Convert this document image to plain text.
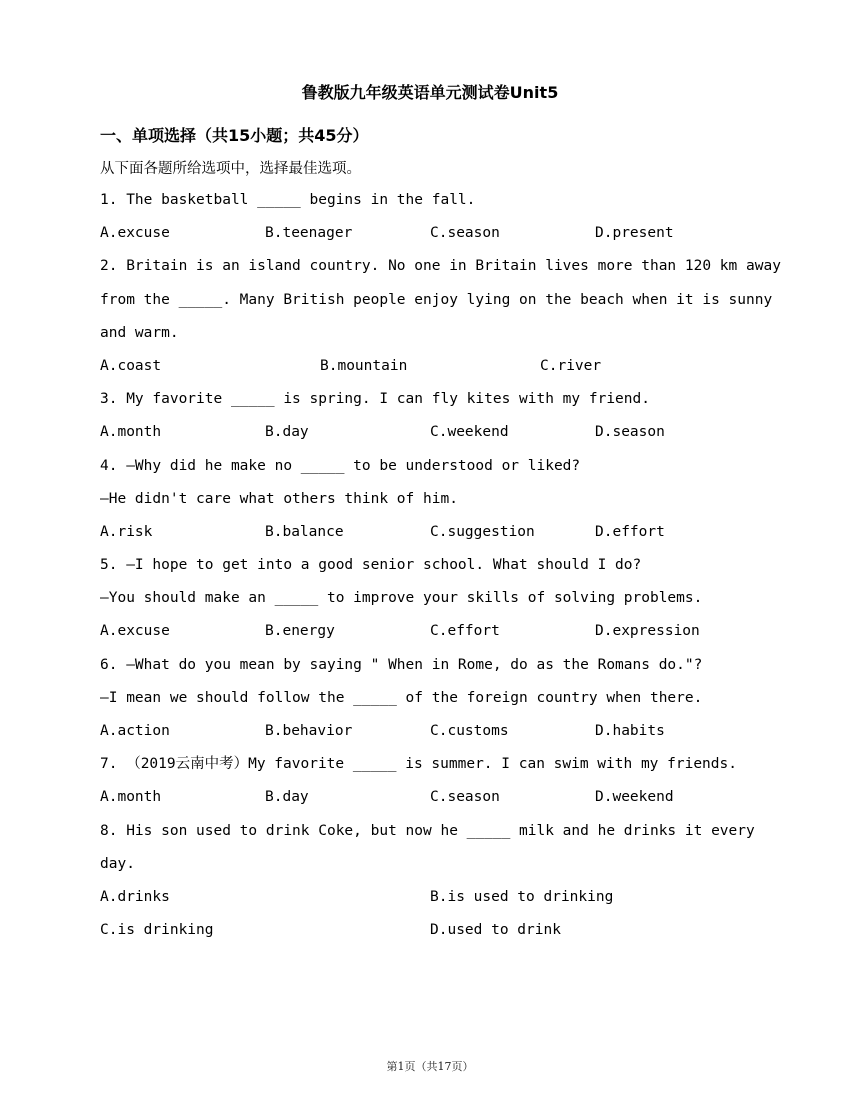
鲁教版九年级英语单元测试卷Unit5
一、单项选择（共15小题；共45分）
从下面各题所给选项中，选择最佳选项。
1. The basketball _____ begins in the fall.
A.excuse	B.teenager	C.season	D.present
2. Britain is an island country. No one in Britain lives more than 120 km away
from the _____. Many British people enjoy lying on the beach when it is sunny
and warm.
A.coast	B.mountain	C.river
3. My favorite _____ is spring. I can fly kites with my friend.
A.month	B.day	C.weekend	D.season
4. —Why did he make no _____ to be understood or liked?
—He didn't care what others think of him.
A.risk	B.balance	C.suggestion	D.effort
5. —I hope to get into a good senior school. What should I do?
—You should make an _____ to improve your skills of solving problems.
A.excuse	B.energy	C.effort	D.expression
6. —What do you mean by saying " When in Rome, do as the Romans do."?
—I mean we should follow the _____ of the foreign country when there.
A.action	B.behavior	C.customs	D.habits
7. （2019云南中考）My favorite _____ is summer. I can swim with my friends.
A.month	B.day	C.season	D.weekend
8. His son used to drink Coke, but now he _____ milk and he drinks it every
day.
A.drinks	B.is used to drinking
C.is drinking	D.used to drink
第1页（共17页）
